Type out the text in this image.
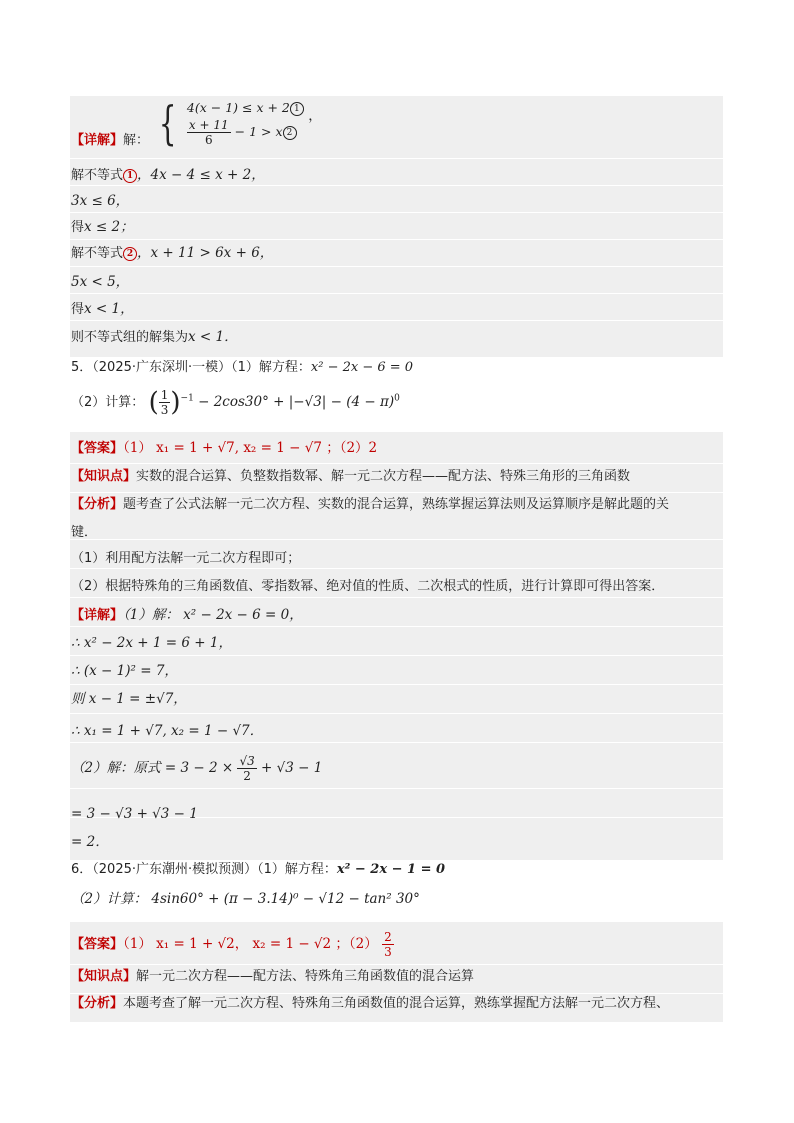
【详解】解： { 4(x − 1) ≤ x + 2 1
$\frac{x + 11}{6} - 1 > x$ 2
，
解不等式 1 ，4x − 4 ≤ x + 2，
3x ≤ 6，
得x ≤ 2；
解不等式 2 ，x + 11 > 6x + 6，
5x < 5，
得x < 1，
则不等式组的解集为x < 1．
5．（2025·广东深圳·一模）（1）解方程：x² − 2x − 6 = 0
（2）计算： ( $\frac{1}{3} )^{-1} - 2\cos 30^\circ + |-√3| - (4 - \pi)^0$
【答案】（1） x₁ = 1 + √7, x₂ = 1 − √7 ；（2）2
【知识点】实数的混合运算、负整数指数幂、解一元二次方程——配方法、特殊三角形的三角函数
【分析】题考查了公式法解一元二次方程、实数的混合运算，熟练掌握运算法则及运算顺序是解此题的关
键．
（1）利用配方法解一元二次方程即可；
（2）根据特殊角的三角函数值、零指数幂、绝对值的性质、二次根式的性质，进行计算即可得出答案．
【详解】（1）解： x² − 2x − 6 = 0，
∴ x² − 2x + 1 = 6 + 1，
∴ (x − 1)² = 7，
则 x − 1 = ±√7，
∴ x₁ = 1 + √7, x₂ = 1 − √7．
（2）解：原式 = $3 - 2 \times \frac{√3}{2} + √3 - 1$
= 3 − √3 + √3 − 1
= 2．
6．（2025·广东潮州·模拟预测）（1）解方程：x² − 2x − 1 = 0
（2）计算： 4sin60° + (π − 3.14)⁰ − √12 − tan² 30°
【答案】（1） x₁ = 1 + √2， x₂ = 1 − √2 ；$(2) \frac{2}{3}$
【知识点】解一元二次方程——配方法、特殊角三角函数值的混合运算
【分析】本题考查了解一元二次方程、特殊角三角函数值的混合运算，熟练掌握配方法解一元二次方程、
